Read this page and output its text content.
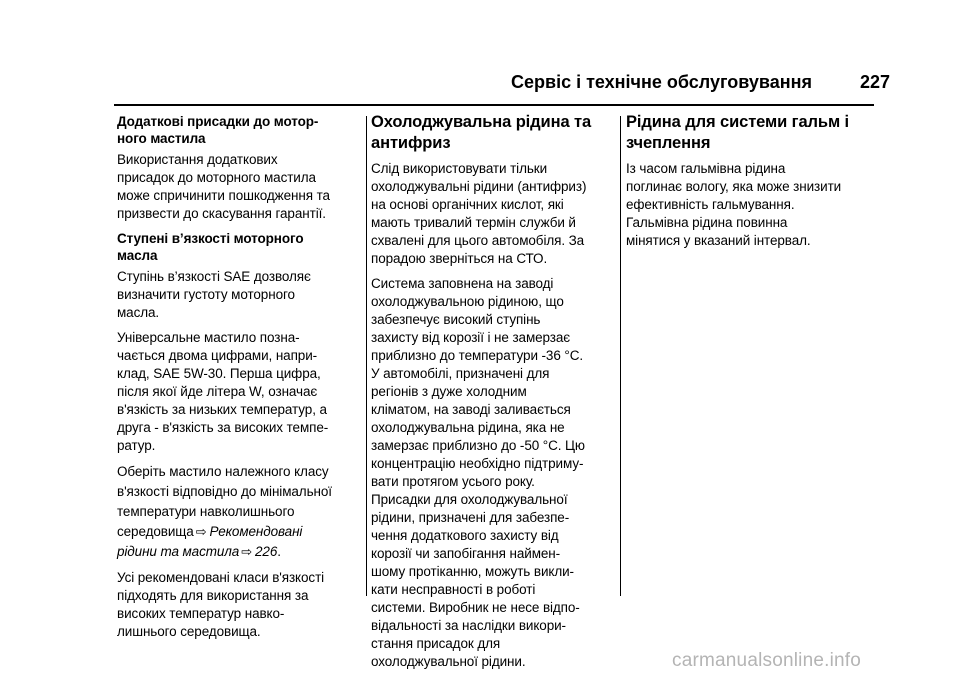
Сервіс і технічне обслуговування	227
Додаткові присадки до мотор-
ного мастила

Використання додаткових
присадок до моторного мастила
може спричинити пошкодження та
призвести до скасування гарантії.

Ступені в’язкості моторного
масла

Ступінь в’язкості SAE дозволяє
визначити густоту моторного
масла.

Універсальне мастило позна-
чається двома цифрами, напри-
клад, SAE 5W-30. Перша цифра,
після якої йде літера W, означає
в'язкість за низьких температур, а
друга - в'язкість за високих темпе-
ратур.

Оберіть мастило належного класу
в'язкості відповідно до мінімальної
температури навколишнього
середовища ⇨ Рекомендовані
рідини та мастила ⇨ 226.

Усі рекомендовані класи в'язкості
підходять для використання за
високих температур навко-
лишнього середовища.

Охолоджувальна рідина та
антифриз

Слід використовувати тільки
охолоджувальні рідини (антифриз)
на основі органічних кислот, які
мають тривалий термін служби й
схвалені для цього автомобіля. За
порадою зверніться на СТО.

Система заповнена на заводі
охолоджувальною рідиною, що
забезпечує високий ступінь
захисту від корозії і не замерзає
приблизно до температури -36 °C.
У автомобілі, призначені для
регіонів з дуже холодним
кліматом, на заводі заливається
охолоджувальна рідина, яка не
замерзає приблизно до -50 °C. Цю
концентрацію необхідно підтриму-
вати протягом усього року.
Присадки для охолоджувальної
рідини, призначені для забезпе-
чення додаткового захисту від
корозії чи запобігання наймен-
шому протіканню, можуть викли-
кати несправності в роботі
системи. Виробник не несе відпо-
відальності за наслідки викори-
стання присадок для
охолоджувальної рідини.

Рідина для системи гальм і
зчеплення

Із часом гальмівна рідина
поглинає вологу, яка може знизити
ефективність гальмування.
Гальмівна рідина повинна
мінятися у вказаний інтервал.

carmanualsonline.info
